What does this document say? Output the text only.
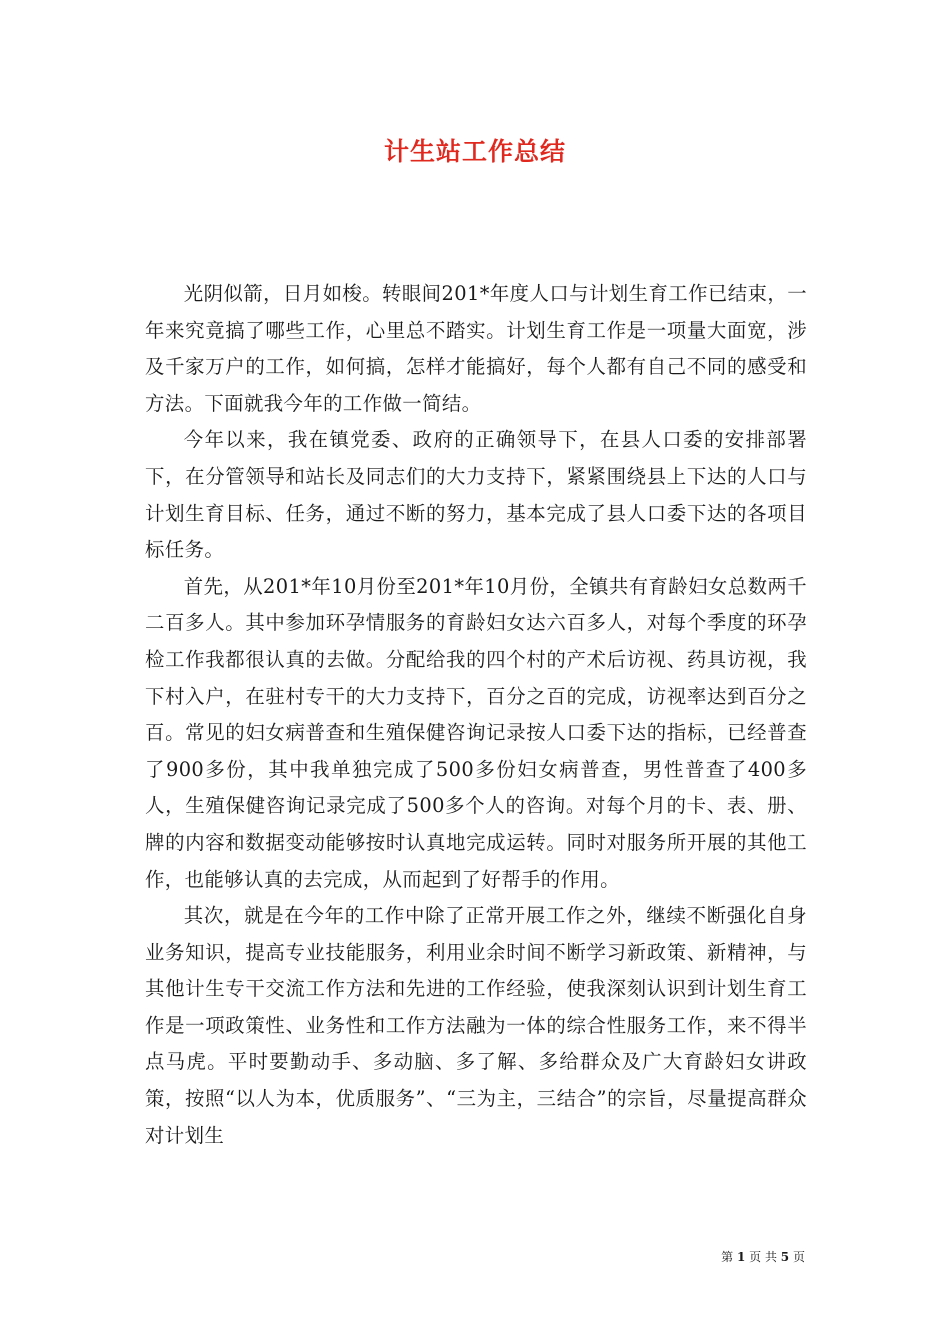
计生站工作总结

光阴似箭，日月如梭。转眼间201*年度人口与计划生育工作已结束，一年来究竟搞了哪些工作，心里总不踏实。计划生育工作是一项量大面宽，涉及千家万户的工作，如何搞，怎样才能搞好，每个人都有自己不同的感受和方法。下面就我今年的工作做一简结。

今年以来，我在镇党委、政府的正确领导下，在县人口委的安排部署下，在分管领导和站长及同志们的大力支持下，紧紧围绕县上下达的人口与计划生育目标、任务，通过不断的努力，基本完成了县人口委下达的各项目标任务。

首先，从201*年10月份至201*年10月份，全镇共有育龄妇女总数两千二百多人。其中参加环孕情服务的育龄妇女达六百多人，对每个季度的环孕检工作我都很认真的去做。分配给我的四个村的产术后访视、药具访视，我下村入户，在驻村专干的大力支持下，百分之百的完成，访视率达到百分之百。常见的妇女病普查和生殖保健咨询记录按人口委下达的指标，已经普查了900多份，其中我单独完成了500多份妇女病普查，男性普查了400多人，生殖保健咨询记录完成了500多个人的咨询。对每个月的卡、表、册、牌的内容和数据变动能够按时认真地完成运转。同时对服务所开展的其他工作，也能够认真的去完成，从而起到了好帮手的作用。

其次，就是在今年的工作中除了正常开展工作之外，继续不断强化自身业务知识，提高专业技能服务，利用业余时间不断学习新政策、新精神，与其他计生专干交流工作方法和先进的工作经验，使我深刻认识到计划生育工作是一项政策性、业务性和工作方法融为一体的综合性服务工作，来不得半点马虎。平时要勤动手、多动脑、多了解、多给群众及广大育龄妇女讲政策，按照“以人为本，优质服务”、“三为主，三结合”的宗旨，尽量提高群众对计划生

第 1 页 共 5 页
